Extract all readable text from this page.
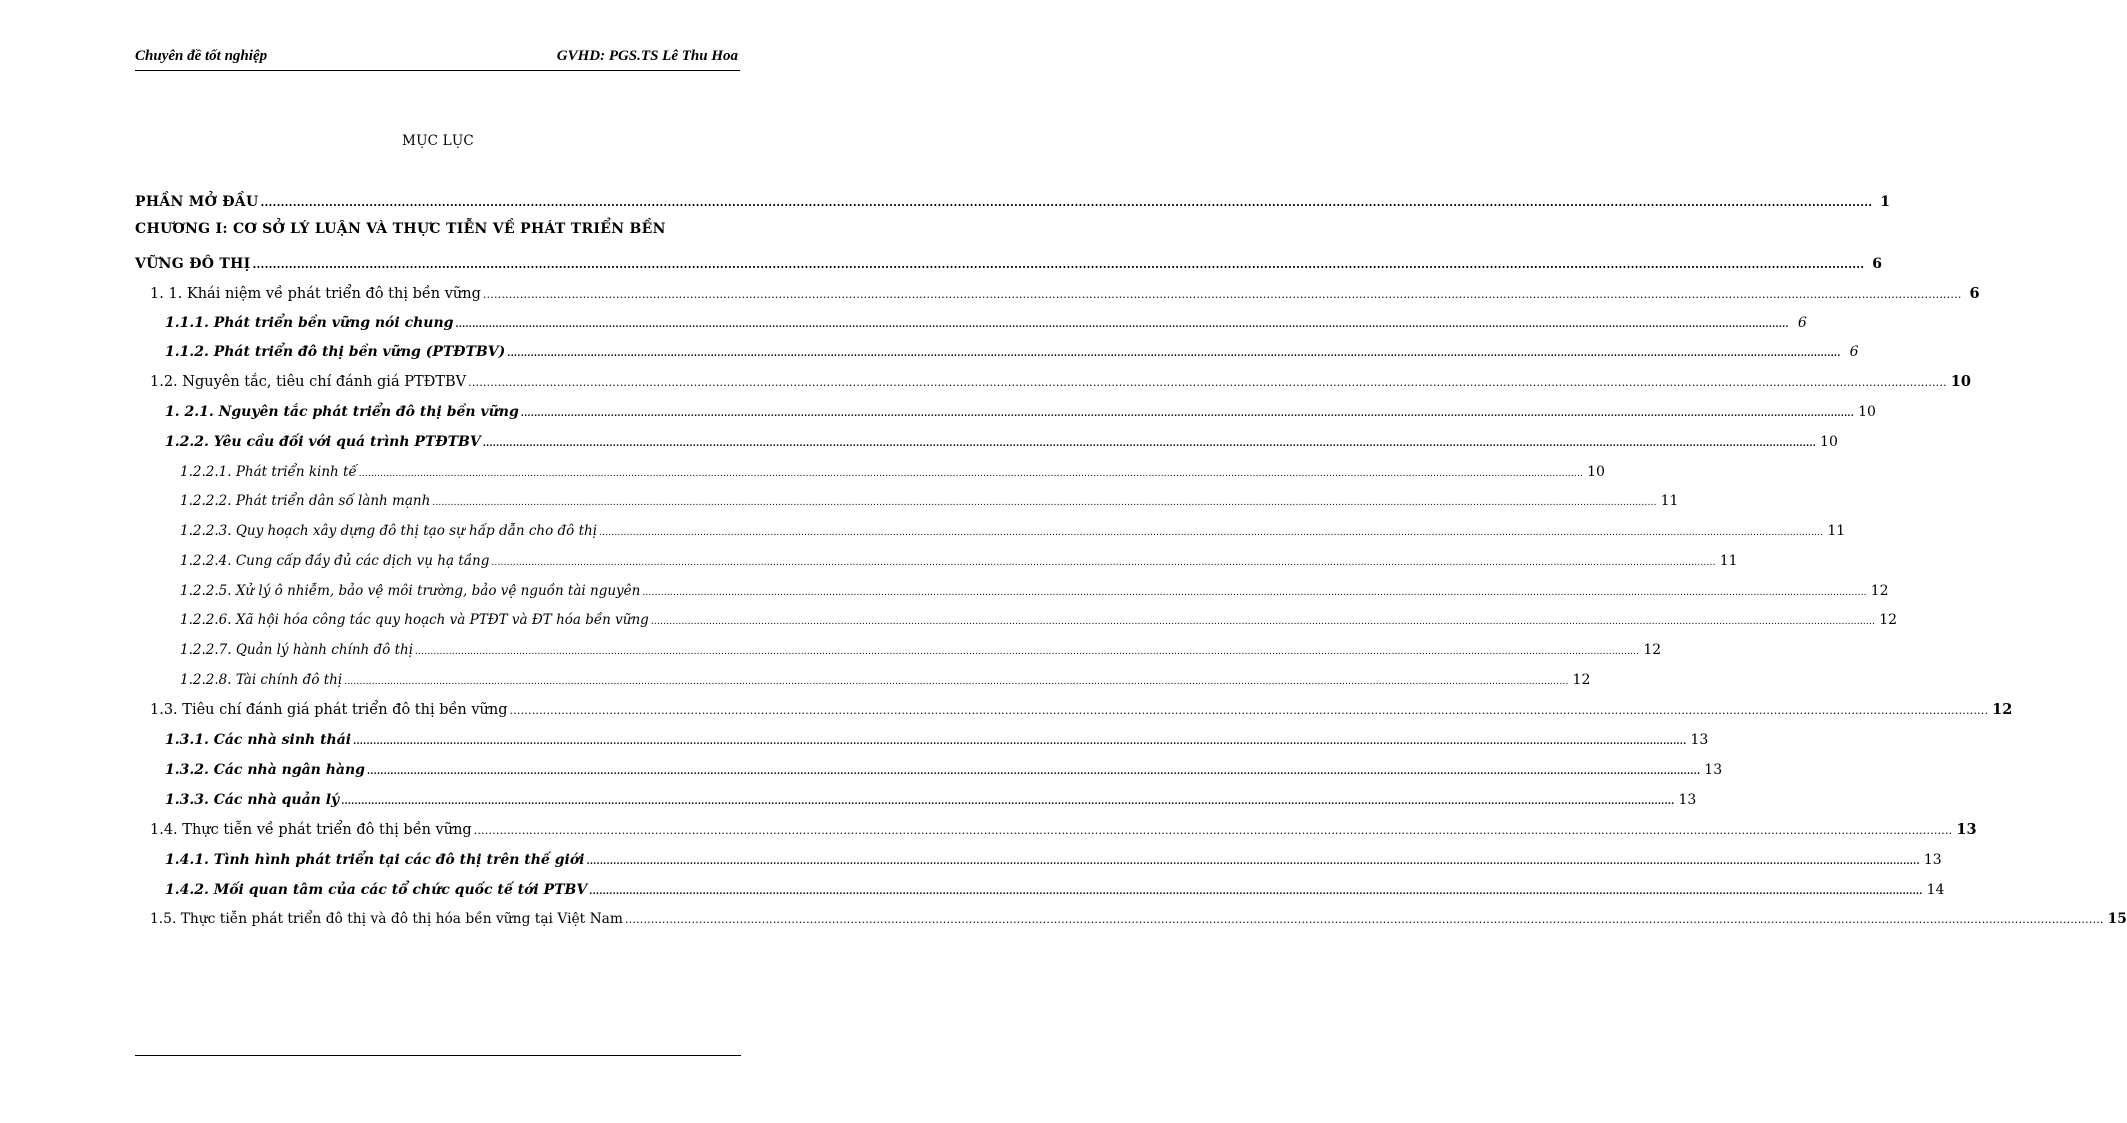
Chuyên đề tốt nghiệp	GVHD: PGS.TS Lê Thu Hoa
MỤC LỤC
PHẦN MỞ ĐẦU ................................................................................................................................................................................................................................................................................................................................................................................................................ 1
CHƯƠNG I: CƠ SỞ LÝ LUẬN VÀ THỰC TIỄN VỀ PHÁT TRIỂN BỀN
VỮNG ĐÔ THỊ ................................................................................................................................................................................................................................................................................................................................................................................................................ 6
1. 1. Khái niệm về phát triển đô thị bền vững ................................................................................................................................................................................................................................................................................................................................................................................................................ 6
1.1.1. Phát triển bền vững nói chung ................................................................................................................................................................................................................................................................................................................................................................................................................ 6
1.1.2. Phát triển đô thị bền vững (PTĐTBV) ................................................................................................................................................................................................................................................................................................................................................................................................................ 6
1.2. Nguyên tắc, tiêu chí đánh giá PTĐTBV ................................................................................................................................................................................................................................................................................................................................................................................................................ 10
1. 2.1. Nguyên tắc phát triển đô thị bền vững ................................................................................................................................................................................................................................................................................................................................................................................................................ 10
1.2.2. Yêu cầu đối với quá trình PTĐTBV ................................................................................................................................................................................................................................................................................................................................................................................................................ 10
1.2.2.1. Phát triển kinh tế ................................................................................................................................................................................................................................................................................................................................................................................................................ 10
1.2.2.2. Phát triển dân số lành mạnh ................................................................................................................................................................................................................................................................................................................................................................................................................ 11
1.2.2.3. Quy hoạch xây dựng đô thị tạo sự hấp dẫn cho đô thị ................................................................................................................................................................................................................................................................................................................................................................................................................ 11
1.2.2.4. Cung cấp đầy đủ các dịch vụ hạ tầng ................................................................................................................................................................................................................................................................................................................................................................................................................ 11
1.2.2.5. Xử lý ô nhiễm, bảo vệ môi trường, bảo vệ nguồn tài nguyên ................................................................................................................................................................................................................................................................................................................................................................................................................ 12
1.2.2.6. Xã hội hóa công tác quy hoạch và PTĐT và ĐT hóa bền vững ................................................................................................................................................................................................................................................................................................................................................................................................................ 12
1.2.2.7. Quản lý hành chính đô thị ................................................................................................................................................................................................................................................................................................................................................................................................................ 12
1.2.2.8. Tài chính đô thị ................................................................................................................................................................................................................................................................................................................................................................................................................ 12
1.3. Tiêu chí đánh giá phát triển đô thị bền vững ................................................................................................................................................................................................................................................................................................................................................................................................................ 12
1.3.1. Các nhà sinh thái ................................................................................................................................................................................................................................................................................................................................................................................................................ 13
1.3.2. Các nhà ngân hàng ................................................................................................................................................................................................................................................................................................................................................................................................................ 13
1.3.3. Các nhà quản lý ................................................................................................................................................................................................................................................................................................................................................................................................................ 13
1.4. Thực tiễn về phát triển đô thị bền vững ................................................................................................................................................................................................................................................................................................................................................................................................................ 13
1.4.1. Tình hình phát triển tại các đô thị trên thế giới ................................................................................................................................................................................................................................................................................................................................................................................................................ 13
1.4.2. Mối quan tâm của các tổ chức quốc tế tới PTBV ................................................................................................................................................................................................................................................................................................................................................................................................................ 14
1.5. Thực tiễn phát triển đô thị và đô thị hóa bền vững tại Việt Nam ................................................................................................................................................................................................................................................................................................................................................................................................................ 15
